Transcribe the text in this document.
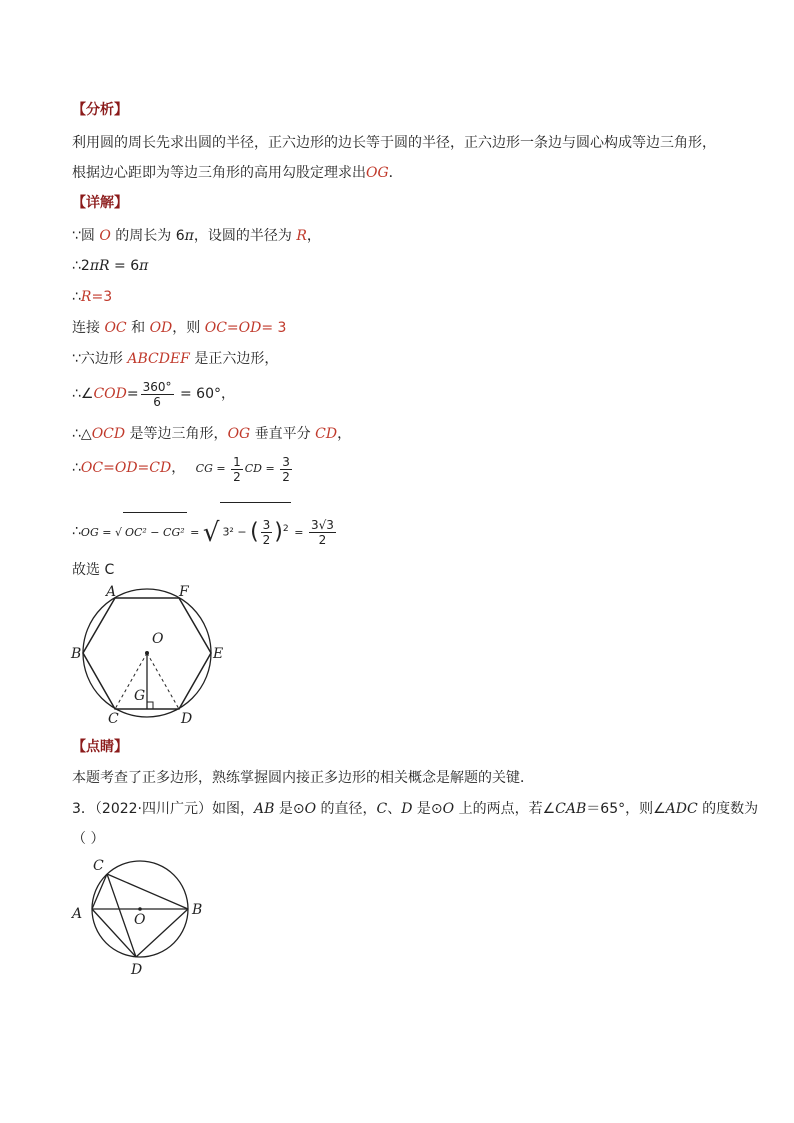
【分析】
利用圆的周长先求出圆的半径，正六边形的边长等于圆的半径，正六边形一条边与圆心构成等边三角形，
根据边心距即为等边三角形的高用勾股定理求出OG．
【详解】
∵圆 O 的周长为 6π，设圆的半径为 R，
∴2πR = 6π
∴R=3
连接 OC 和 OD，则 OC=OD= 3
∵六边形 ABCDEF 是正六边形，
∴∠COD= $\frac{360^\circ}{6} = 60^\circ$，
∴△OCD 是等边三角形，OG 垂直平分 CD，
∴OC=OD=CD， CG = $\frac{1}{2}$ CD = $\frac{3}{2}$
∴OG = √ OC² − CG² = √ 3² − ( $\frac{3}{2} )^2 = \frac{3√3}{2}$
故选 C
A	F
B	E
O
G
C	D
【点睛】
本题考查了正多边形，熟练掌握圆内接正多边形的相关概念是解题的关键．
3．（2022·四川广元）如图，AB 是⊙O 的直径，C、D 是⊙O 上的两点，若∠CAB＝65°，则∠ADC 的度数为
（ ）
C
A	O
B
D
